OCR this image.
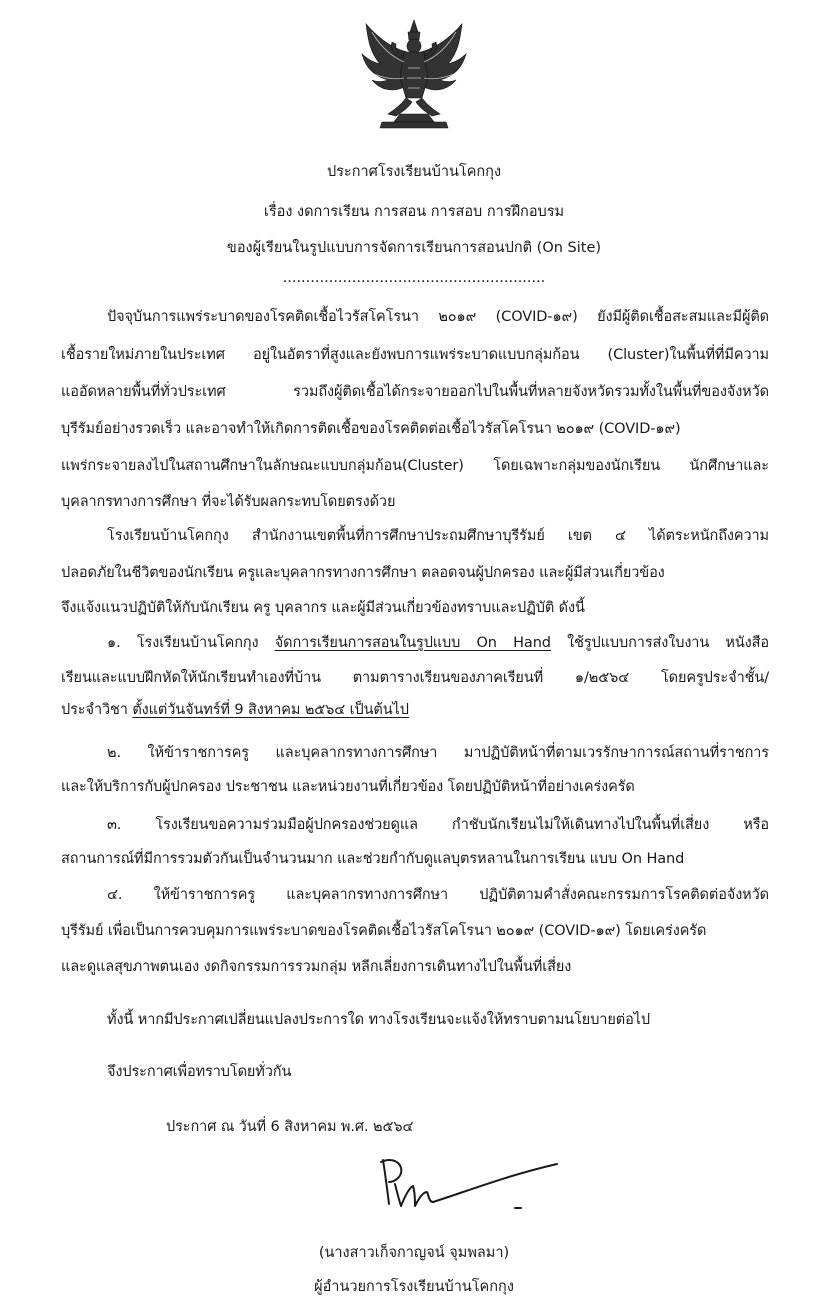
ประกาศโรงเรียนบ้านโคกกุง
เรื่อง งดการเรียน การสอน การสอบ การฝึกอบรม
ของผู้เรียนในรูปแบบการจัดการเรียนการสอนปกติ (On Site)
.........................................................
ปัจจุบันการแพร่ระบาดของโรคติดเชื้อไวรัสโคโรนา ๒๐๑๙ (COVID-๑๙) ยังมีผู้ติดเชื้อสะสมและมีผู้ติด
เชื้อรายใหม่ภายในประเทศ อยู่ในอัตราที่สูงและยังพบการแพร่ระบาดแบบกลุ่มก้อน (Cluster)ในพื้นที่ที่มีความ
แออัดหลายพื้นที่ทั่วประเทศ รวมถึงผู้ติดเชื้อได้กระจายออกไปในพื้นที่หลายจังหวัดรวมทั้งในพื้นที่ของจังหวัด
บุรีรัมย์อย่างรวดเร็ว และอาจทำให้เกิดการติดเชื้อของโรคติดต่อเชื้อไวรัสโคโรนา ๒๐๑๙ (COVID-๑๙)
แพร่กระจายลงไปในสถานศึกษาในลักษณะแบบกลุ่มก้อน(Cluster) โดยเฉพาะกลุ่มของนักเรียน นักศึกษาและ
บุคลากรทางการศึกษา ที่จะได้รับผลกระทบโดยตรงด้วย
โรงเรียนบ้านโคกกุง สำนักงานเขตพื้นที่การศึกษาประถมศึกษาบุรีรัมย์ เขต ๔ ได้ตระหนักถึงความ
ปลอดภัยในชีวิตของนักเรียน ครูและบุคลากรทางการศึกษา ตลอดจนผู้ปกครอง และผู้มีส่วนเกี่ยวข้อง
จึงแจ้งแนวปฏิบัติให้กับนักเรียน ครู บุคลากร และผู้มีส่วนเกี่ยวข้องทราบและปฏิบัติ ดังนี้
๑. โรงเรียนบ้านโคกกุง จัดการเรียนการสอนในรูปแบบ On Hand ใช้รูปแบบการส่งใบงาน หนังสือ
เรียนและแบบฝึกหัดให้นักเรียนทำเองที่บ้าน ตามตารางเรียนของภาคเรียนที่ ๑/๒๕๖๔ โดยครูประจำชั้น/
ประจำวิชา ตั้งแต่วันจันทร์ที่ 9 สิงหาคม ๒๕๖๔ เป็นต้นไป
๒. ให้ข้าราชการครู และบุคลากรทางการศึกษา มาปฏิบัติหน้าที่ตามเวรรักษาการณ์สถานที่ราชการ
และให้บริการกับผู้ปกครอง ประชาชน และหน่วยงานที่เกี่ยวข้อง โดยปฏิบัติหน้าที่อย่างเคร่งครัด
๓. โรงเรียนขอความร่วมมือผู้ปกครองช่วยดูแล กำชับนักเรียนไม่ให้เดินทางไปในพื้นที่เสี่ยง หรือ
สถานการณ์ที่มีการรวมตัวกันเป็นจำนวนมาก และช่วยกำกับดูแลบุตรหลานในการเรียน แบบ On Hand
๔. ให้ข้าราชการครู และบุคลากรทางการศึกษา ปฏิบัติตามคำสั่งคณะกรรมการโรคติดต่อจังหวัด
บุรีรัมย์ เพื่อเป็นการควบคุมการแพร่ระบาดของโรคติดเชื้อไวรัสโคโรนา ๒๐๑๙ (COVID-๑๙) โดยเคร่งครัด
และดูแลสุขภาพตนเอง งดกิจกรรมการรวมกลุ่ม หลีกเลี่ยงการเดินทางไปในพื้นที่เสี่ยง
ทั้งนี้ หากมีประกาศเปลี่ยนแปลงประการใด ทางโรงเรียนจะแจ้งให้ทราบตามนโยบายต่อไป
จึงประกาศเพื่อทราบโดยทั่วกัน
ประกาศ ณ วันที่ 6 สิงหาคม พ.ศ. ๒๕๖๔
(นางสาวเก็จกาญจน์ จุมพลมา)
ผู้อำนวยการโรงเรียนบ้านโคกกุง
